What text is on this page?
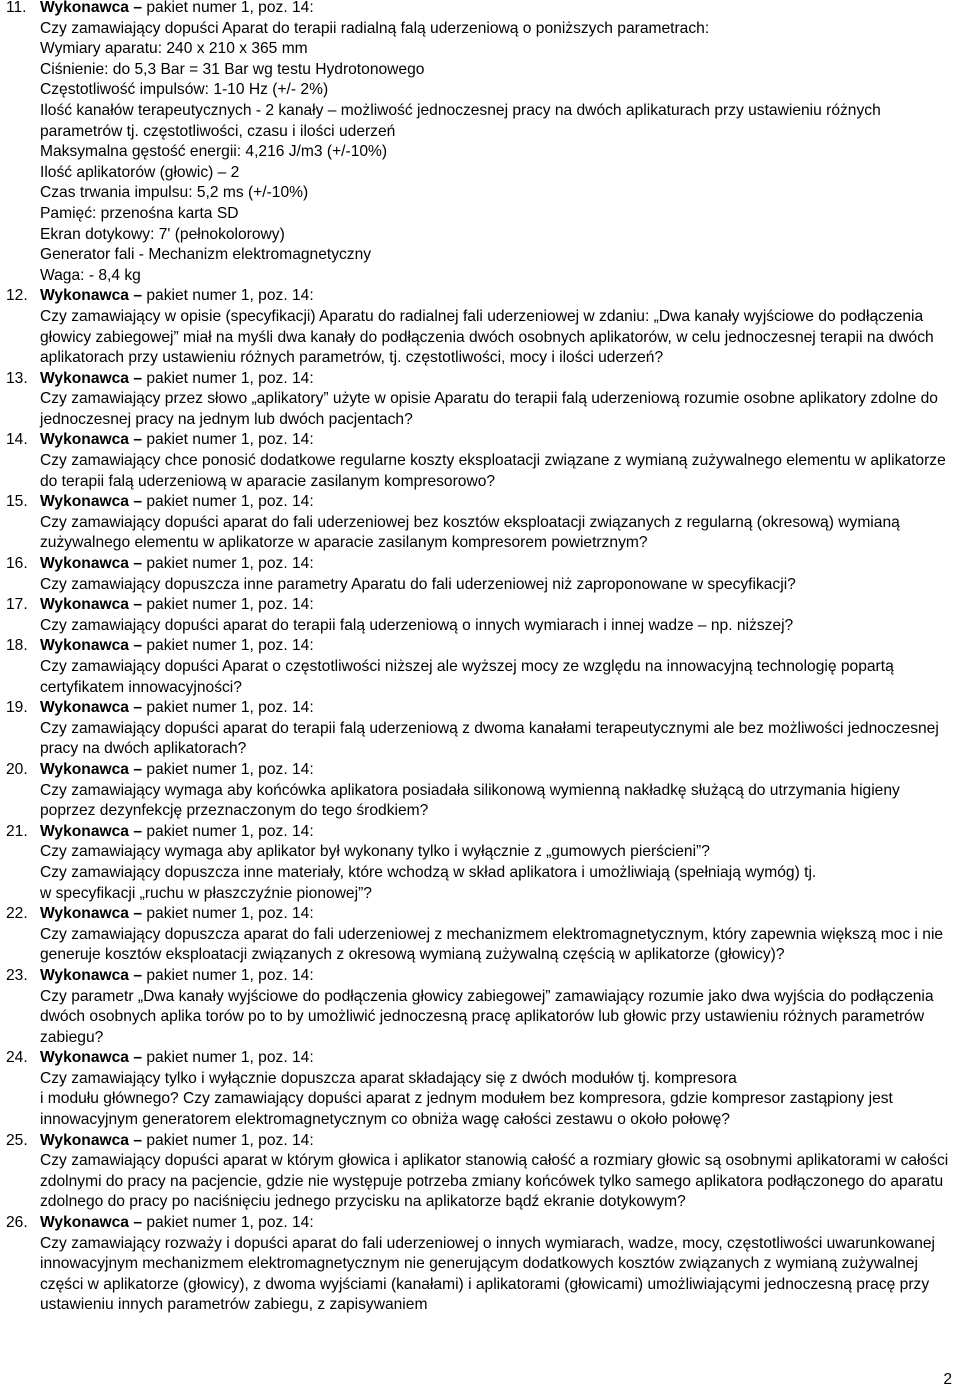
11. Wykonawca – pakiet numer 1, poz. 14:

Czy zamawiający dopuści Aparat do terapii radialną falą uderzeniową o poniższych parametrach:

Wymiary aparatu: 240 x 210 x 365 mm

Ciśnienie: do 5,3 Bar = 31 Bar wg testu Hydrotonowego

Częstotliwość impulsów: 1-10 Hz (+/- 2%)

Ilość kanałów terapeutycznych - 2 kanały – możliwość jednoczesnej pracy na dwóch aplikaturach przy ustawieniu różnych parametrów tj. częstotliwości, czasu i ilości uderzeń

Maksymalna gęstość energii: 4,216 J/m3 (+/-10%)

Ilość aplikatorów (głowic) – 2

Czas trwania impulsu: 5,2 ms (+/-10%)

Pamięć: przenośna karta SD

Ekran dotykowy: 7' (pełnokolorowy)

Generator fali - Mechanizm elektromagnetyczny

Waga: - 8,4 kg

12. Wykonawca – pakiet numer 1, poz. 14:

Czy zamawiający w opisie (specyfikacji) Aparatu do radialnej fali uderzeniowej w zdaniu: „Dwa kanały wyjściowe do podłączenia głowicy zabiegowej” miał na myśli dwa kanały do podłączenia dwóch osobnych aplikatorów, w celu jednoczesnej terapii na dwóch aplikatorach przy ustawieniu różnych parametrów, tj. częstotliwości, mocy i ilości uderzeń?

13. Wykonawca – pakiet numer 1, poz. 14:

Czy zamawiający przez słowo „aplikatory” użyte w opisie Aparatu do terapii falą uderzeniową rozumie osobne aplikatory zdolne do jednoczesnej pracy na jednym lub dwóch pacjentach?

14. Wykonawca – pakiet numer 1, poz. 14:

Czy zamawiający chce ponosić dodatkowe regularne koszty eksploatacji związane z wymianą zużywalnego elementu w aplikatorze do terapii falą uderzeniową w aparacie zasilanym kompresorowo?

15. Wykonawca – pakiet numer 1, poz. 14:

Czy zamawiający dopuści aparat do fali uderzeniowej bez kosztów eksploatacji związanych z regularną (okresową) wymianą zużywalnego elementu w aplikatorze w aparacie zasilanym kompresorem powietrznym?

16. Wykonawca – pakiet numer 1, poz. 14:

Czy zamawiający dopuszcza inne parametry Aparatu do fali uderzeniowej niż zaproponowane w specyfikacji?

17. Wykonawca – pakiet numer 1, poz. 14:

Czy zamawiający dopuści aparat do terapii falą uderzeniową o innych wymiarach i innej wadze – np. niższej?

18. Wykonawca – pakiet numer 1, poz. 14:

Czy zamawiający dopuści Aparat o częstotliwości niższej ale wyższej mocy ze względu na innowacyjną technologię popartą certyfikatem innowacyjności?

19. Wykonawca – pakiet numer 1, poz. 14:

Czy zamawiający dopuści aparat do terapii falą uderzeniową z dwoma kanałami terapeutycznymi ale bez możliwości jednoczesnej pracy na dwóch aplikatorach?

20. Wykonawca – pakiet numer 1, poz. 14:

Czy zamawiający wymaga aby końcówka aplikatora posiadała silikonową wymienną nakładkę służącą do utrzymania higieny poprzez dezynfekcję przeznaczonym do tego środkiem?

21. Wykonawca – pakiet numer 1, poz. 14:

Czy zamawiający wymaga aby aplikator był wykonany tylko i wyłącznie z „gumowych pierścieni”?

Czy zamawiający dopuszcza inne materiały, które wchodzą w skład aplikatora i umożliwiają (spełniają wymóg) tj.

w specyfikacji „ruchu w płaszczyźnie pionowej”?

22. Wykonawca – pakiet numer 1, poz. 14:

Czy zamawiający dopuszcza aparat do fali uderzeniowej z mechanizmem elektromagnetycznym, który zapewnia większą moc i nie generuje kosztów eksploatacji związanych z okresową wymianą zużywalną częścią w aplikatorze (głowicy)?

23. Wykonawca – pakiet numer 1, poz. 14:

Czy parametr „Dwa kanały wyjściowe do podłączenia głowicy zabiegowej” zamawiający rozumie jako dwa wyjścia do podłączenia dwóch osobnych aplika torów po to by umożliwić jednoczesną pracę aplikatorów lub głowic przy ustawieniu różnych parametrów zabiegu?

24. Wykonawca – pakiet numer 1, poz. 14:

Czy zamawiający tylko i wyłącznie dopuszcza aparat składający się z dwóch modułów tj. kompresora

i modułu głównego? Czy zamawiający dopuści aparat z jednym modułem bez kompresora, gdzie kompresor zastąpiony jest innowacyjnym generatorem elektromagnetycznym co obniża wagę całości zestawu o około połowę?

25. Wykonawca – pakiet numer 1, poz. 14:

Czy zamawiający dopuści aparat w którym głowica i aplikator stanowią całość a rozmiary głowic są osobnymi aplikatorami w całości zdolnymi do pracy na pacjencie, gdzie nie występuje potrzeba zmiany końcówek tylko samego aplikatora podłączonego do aparatu zdolnego do pracy po naciśnięciu jednego przycisku na aplikatorze bądź ekranie dotykowym?

26. Wykonawca – pakiet numer 1, poz. 14:

Czy zamawiający rozważy i dopuści aparat do fali uderzeniowej o innych wymiarach, wadze, mocy, częstotliwości uwarunkowanej innowacyjnym mechanizmem elektromagnetycznym nie generującym dodatkowych kosztów związanych z wymianą zużywalnej części w aplikatorze (głowicy), z dwoma wyjściami (kanałami) i aplikatorami (głowicami) umożliwiającymi jednoczesną pracę przy ustawieniu innych parametrów zabiegu, z zapisywaniem

2
